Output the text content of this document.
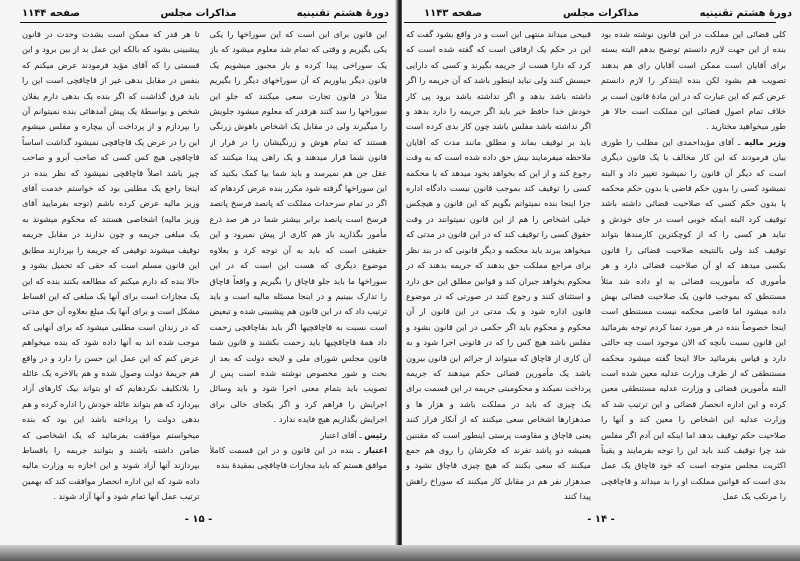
دورهٔ هشتم تقنینیه
مذاکرات مجلس
صفحه ۱۱۴۴

این قانون برای این است که این سوراخها را یکی یکی بگیریم و وقتی که تمام شد معلوم میشود که باز یک سوراخی پیدا کرده و باز مجبور میشویم یک قانون دیگر بیاوریم که آن سوراخهای دیگر را بگیریم مثلاً در قانون تجارت سعی میکنند که جلو این سوراخها را سد کنند هرقدر که معلوم میشود جلویش را میگیرند ولی در مقابل یک اشخاص باهوش زرنگی هستند که تمام هوش و زرنگیشان را در فرار از قانون شما قرار میدهند و یک راهی پیدا میکنند که عقل جن هم نمیرسد و باید شما بیا کمک بکنید که این سوراخها گرفته شود مکرر بنده عرض کردهام که اگر در تمام سرحدات مملکت که پانصد فرسخ پانصد فرسخ است پانصد برابر بیشتر شما در هر صد ذرع مأمور بگذارید باز هم کاری از پیش نمیرود و این حقیقتی است که باید به آن توجه کرد و بعلاوه موضوع دیگری که هست این است که در این سوراخها ما باید جلو قاچاق را بگیریم و واقعاً قاچاق را تدارک ببینیم و در اینجا مسئله مالیه است و باید ترتیب داد که در این قانون هم پیشبینی شده و تبعیض است نسبت به قاچاقچیها اگر باید بقاچاقچی زحمت داد همهٔ قاچاقچیها باید زحمت بکشند و قانون شما قانون مجلس شورای ملی و لایحه دولت که بعد از بحث و شور مخصوص نوشته شده است پس از تصویب باید بتمام معنی اجرا شود و باید وسائل اجرایش را فراهم کرد و اگر یکجای خالی برای اجرایش بگذاریم هیچ فایده ندارد .

رئیس ـ آقای اعتبار

اعتبار ـ بنده در این قانون و در این قسمت کاملاً موافق هستم که باید مجازات قاچاقچی بمقیدهٔ بنده

تا هر قدر که ممکن است بشدت وحدت در قانون پیشبینی بشود که بالکه این عمل بد از بین برود و این قسمتی را که آقای مؤید فرمودند عرض میکنم که بنفس در مقابل بدهی غیر از قاچاقچی است این را باید فرق گذاشت که اگر بنده یک بدهی دارم بفلان شخص و بواسطهٔ یک پیش آمدهائی بنده نمیتوانم آن را بپردازم و از پرداخت آن بیچاره و مفلس میشوم این را در عرض یک قاچاقچی نمیشود گذاشت اساساً قاچاقچی هیچ کس کسی که صاحب آبرو و صاحب چیز باشد اصلاً قاچاقچی نمیشود که نظر بنده در اینجا راجع یک مطلبی بود که خواستم خدمت آقای وزیر مالیه عرض کرده باشم (توجه بفرمایید آقای وزیر مالیه) اشخاصی هستند که محکوم میشوند به یک مبلغی جریمه و چون ندارند در مقابل جریمه توقیف میشوند توقیفی که جریمه را بپردازند مطابق این قانون مسلم است که حقی که تحمیل بشود و حالا بنده که دارم میکنم که مطالعه بکنند بنده که این یک مجازات است برای آنها یک مبلغی که این اقساط مشکل است و برای آنها یک مبلغ بعلاوه آن حق مدتی که در زندان است مطلبی میشود که برای آنهایی که موجب شده اند به آنها داده شود که بنده میخواهم عرض کنم که این عمل این حسن را دارد و در واقع هم جریمهٔ دولت وصول شده و هم بالاخره یک عائله را بلاتکلیف نکردهایم که او بتواند بیک کارهای آزاد بپردازد که هم بتواند عائله خودش را اداره کرده و هم بدهی دولت را پرداخته باشد این بود که بنده میخواستم موافقت بفرمائید که یک اشخاصی که ضامن داشته باشند و بتوانند جریمه را باقساط بپردازند آنها آزاد شوند و این اجازه به وزارت مالیه داده شود که این اداره انحصار موافقت کند که بهمین ترتیب عمل آنها تمام شود و آنها آزاد شوند .

- ۱۵ -
دورهٔ هشتم تقنینیه
مذاکرات مجلس
صفحه ۱۱۴۳

کلی قضائی این مملکت در این قانون نوشته شده بود بنده از این جهت لازم دانستم توضیح بدهم البته بسته برای آقایان است ممکن است آقایان رای هم بدهند تصویب هم بشود لکن بنده اینتذکر را لازم دانستم عرض کنم که این عبارت که در این مادهٔ قانون است بر خلاف تمام اصول قضائی این مملکت است حالا هر طور میخواهید مختارید .

وزیر مالیه ـ آقای مؤیداحمدی این مطلب را طوری بیان فرمودند که این کار مخالف با یک قانون دیگری است که دیگر آن قانون را نمیشود تغییر داد و البته نمیشود کسی را بدون حکم قاضی یا بدون حکم محکمه یا بدون حکم کسی که صلاحیت قضائی داشته باشد توقیف کرد البته اینکه خوبی است در جای خودش و نباید هر کسی را که از کوچکترین کارمندها بتواند توقیف کند ولی بالنتیجه صلاحیت قضائی را قانون بکسی میدهد که او آن صلاحیت قضائی دارد و هر مأموری که مأموریت قضائی به او داده شد مثلاً مستنطق که بموجب قانون یک صلاحیت قضائی بهش داده میشود اما قاضی محکمه نیست مستنطق است اینجا خصوصاً بنده در هر مورد تمنا کردم توجه بفرمائید این قانون نسبت بآنچه که الان موجود است چه حالتی دارد و قیاس بفرمائید حالا اینجا گفته میشود محکمه مستنطقی که از طرف وزارت عدلیه معین شده است البته مأمورین قضائی و وزارت عدلیه مستنطقی معین کرده و این اداره انحصار قضائی و این ترتیب شد که وزارت عدلیه این اشخاص را معین کند و آنها را صلاحیت حکم توقیف بدهد اما اینکه این آدم اگر مفلس شد چرا توقیف کنند باید این را توجه بفرمایند و یقیناً اکثریت مجلس متوجه است که خود قاچاق یک عمل بدی است که قوانین مملکت او را بد میداند و قاچاقچی را مرتکب یک عمل

قبیحی میداند منتهی این است و در واقع بشود گفت که این در حکم یک ارفاقی است که گفته شده است که کرد که دارا هست از جریمه بگیرند و کسی که دارایی حبسش کنند ولی نباید اینطور باشد که آن جریمه را اگر داشته باشد بدهد و اگر نداشته باشد برود پی کار خودش خدا حافظ خیر باید اگر جریمه را دارد بدهد و اگر نداشته باشد مفلس باشد چون کار بدی کرده است باید بر توقیف بماند و مطلق مانند مدت که آقایان ملاحظه میفرمایند بیش حق داده شده است که به وقت رجوع کند و از این که بخواهد بخود میدهد که با محکمه کسی را توقیف کند بموجب قانون نیست دادگاه اداره جزا اینجا بنده نمیتوانم بگویم که این قانون و هیچکس خیلی اشخاص را هم از این قانون نمیتوانند در وقت حقوق کسی را توقیف کند که در این قانون در مدتی که میخواهد ببرند باید محکمه و دیگر قانونی که در بند نظر برای مراجع مملکت حق بدهند که جریمه بدهند که در محکوم بخواهد جبران کند و قوانین مطلق این حق دارد و استثنای کنند و رجوع کنند در صورتی که در موضوع قانون اداره شود و یک مدتی در این قانون از آن محکوم و محکوم باید اگر حکمی در این قانون بشود و مفلس باشد هیچ کس را که در قانونی اجرا شود و به آن کاری از قاچاق که میتواند از جرائم این قانون بیرون باشد یک مأمورین قضائی حکم میدهند که جریمه پرداخت نمیکند و محکومیتی جریمه در این قسمت برای یک چیزی که باید در مملکت باشد و هزار ها و صدهزارها اشخاص سعی میکنند که از آنکار فرار کنند یعنی قاچاق و مقاومت پرستی اینطور است که مقننین همیشه دو پاشد تفرند که فکرشان را روی هم جمع میکنند که سعی بکنند که هیچ چیزی قاچاق نشود و صدهزار نفر هم در مقابل کار میکنند که سوراخ راهش پیدا کنند

- ۱۴ -
